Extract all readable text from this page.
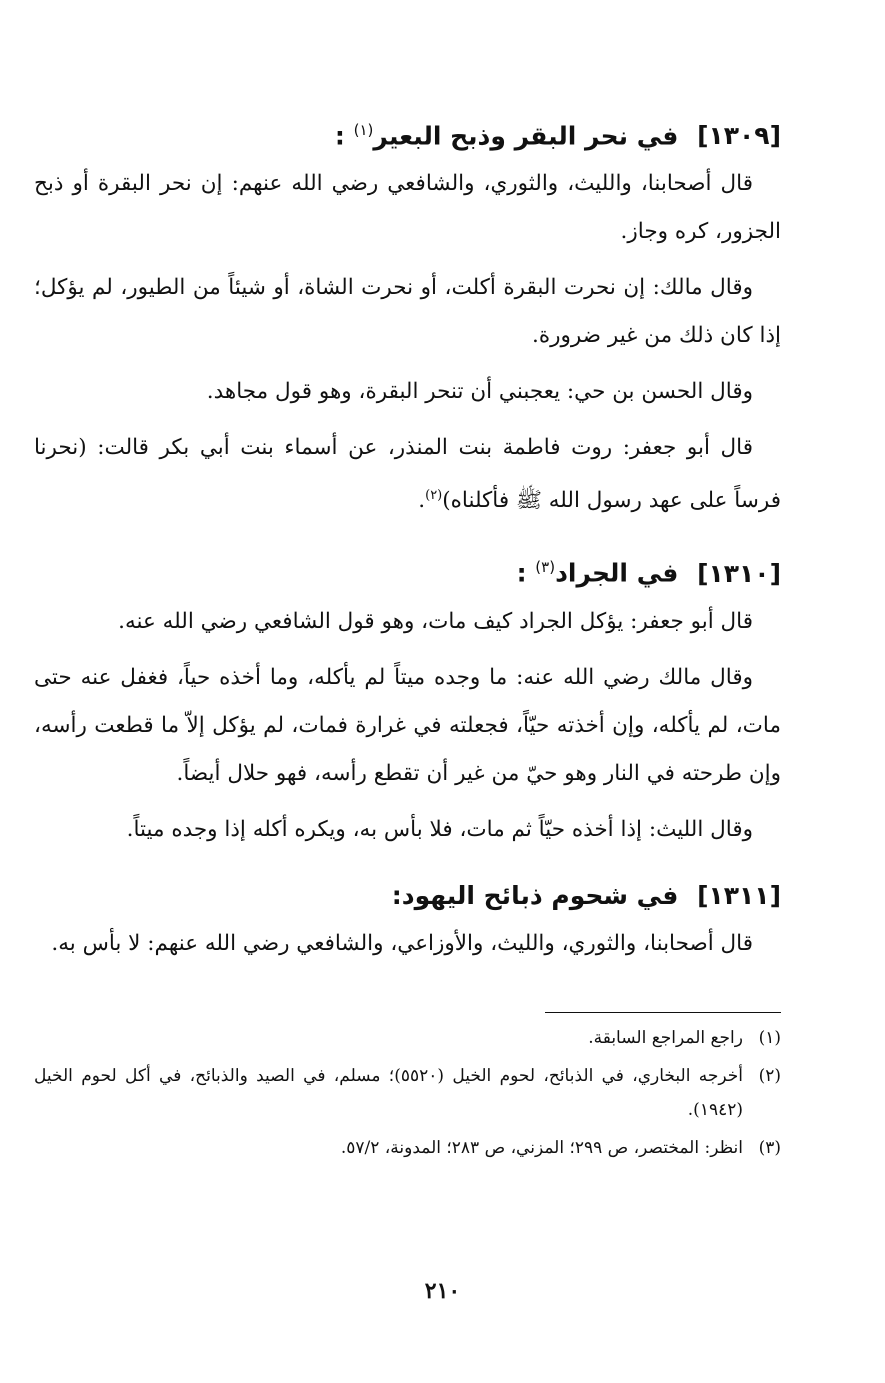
[١٣٠٩] في نحر البقر وذبح البعير$^{(١)}$ :

قال أصحابنا، والليث، والثوري، والشافعي رضي الله عنهم: إن نحر البقرة أو ذبح الجزور، كره وجاز.

وقال مالك: إن نحرت البقرة أكلت، أو نحرت الشاة، أو شيئاً من الطيور، لم يؤكل؛ إذا كان ذلك من غير ضرورة.

وقال الحسن بن حي: يعجبني أن تنحر البقرة، وهو قول مجاهد.

قال أبو جعفر: روت فاطمة بنت المنذر، عن أسماء بنت أبي بكر قالت: (نحرنا فرساً على عهد رسول الله ﷺ فأكلناه)$^{(٢)}$.

[١٣١٠] في الجراد$^{(٣)}$ :

قال أبو جعفر: يؤكل الجراد كيف مات، وهو قول الشافعي رضي الله عنه.

وقال مالك رضي الله عنه: ما وجده ميتاً لم يأكله، وما أخذه حياً، فغفل عنه حتى مات، لم يأكله، وإن أخذته حيّاً، فجعلته في غرارة فمات، لم يؤكل إلاّ ما قطعت رأسه، وإن طرحته في النار وهو حيّ من غير أن تقطع رأسه، فهو حلال أيضاً.

وقال الليث: إذا أخذه حيّاً ثم مات، فلا بأس به، ويكره أكله إذا وجده ميتاً.

[١٣١١] في شحوم ذبائح اليهود:

قال أصحابنا، والثوري، والليث، والأوزاعي، والشافعي رضي الله عنهم: لا بأس به.

(١)
راجع المراجع السابقة.
(٢)
أخرجه البخاري، في الذبائح، لحوم الخيل (٥٥٢٠)؛ مسلم، في الصيد والذبائح، في أكل لحوم الخيل (١٩٤٢).
(٣)
انظر: المختصر، ص ٢٩٩؛ المزني، ص ٢٨٣؛ المدونة، ٥٧/٢.
٢١٠
